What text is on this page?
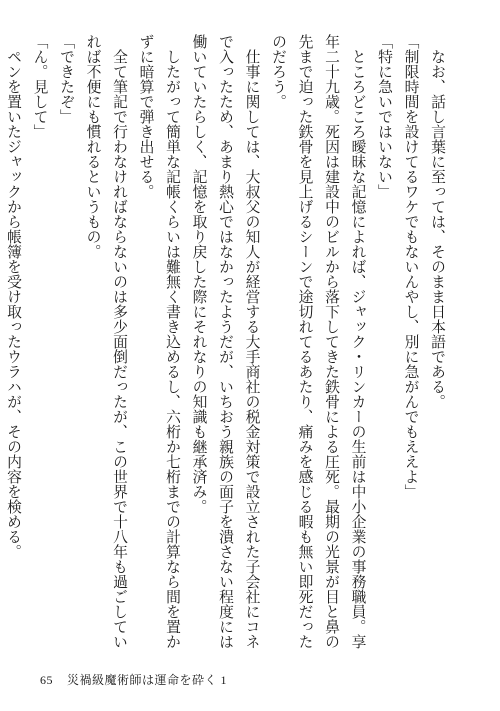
なお、話し言葉に至っては、そのまま日本語である。

「制限時間を設けてるワケでもないんやし、別に急がんでもええよ」

「特に急いではいない」

ところどころ曖昧な記憶によれば、ジャック・リンカーの生前は中小企業の事務職員。享年二十九歳。死因は建設中のビルから落下してきた鉄骨による圧死。最期の光景が目と鼻の先まで迫った鉄骨を見上げるシーンで途切れてるあたり、痛みを感じる暇も無い即死だったのだろう。

仕事に関しては、大叔父の知人が経営する大手商社の税金対策で設立された子会社にコネで入ったため、あまり熱心ではなかったようだが、いちおう親族の面子を潰さない程度には働いていたらしく、記憶を取り戻した際にそれなりの知識も継承済み。

したがって簡単な記帳くらいは難無く書き込めるし、六桁か七桁までの計算なら間を置かずに暗算で弾き出せる。

全て筆記で行わなければならないのは多少面倒だったが、この世界で十八年も過ごしていれば不便にも慣れるというもの。

「できたぞ」

「ん。見して」

ペンを置いたジャックから帳簿を受け取ったウラハが、その内容を検める。

65 災禍級魔術師は運命を砕く 1
